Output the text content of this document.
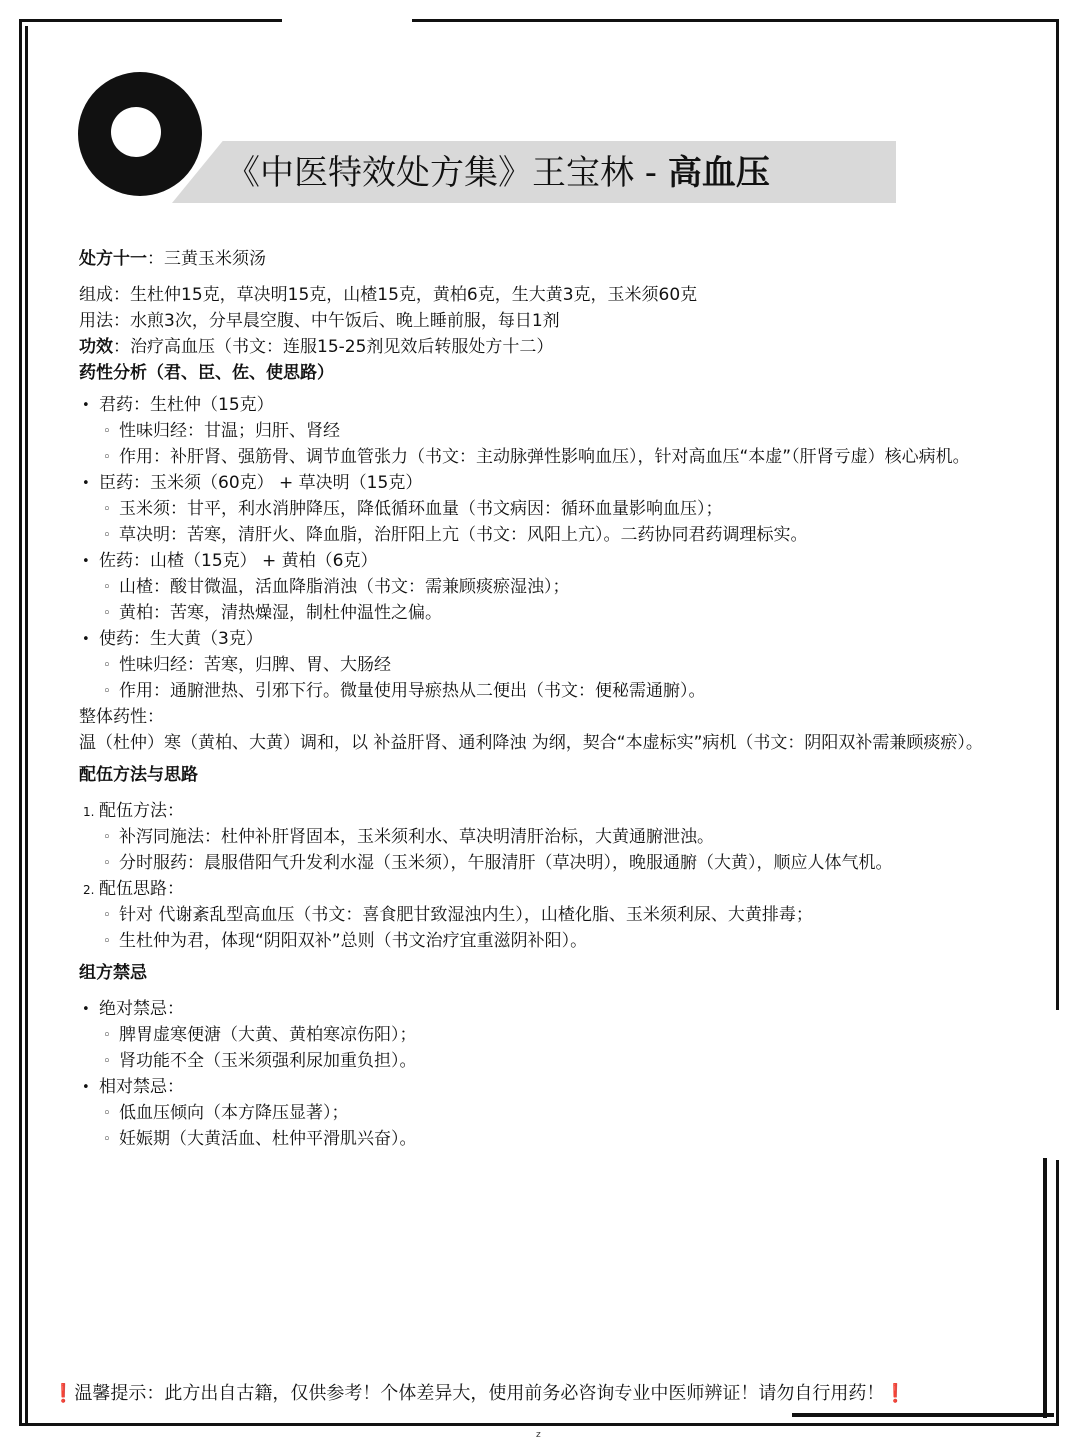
《中医特效处方集》王宝林 - 高血压
处方十一：三黄玉米须汤
组成：生杜仲15克，草决明15克，山楂15克，黄柏6克，生大黄3克，玉米须60克
用法：水煎3次，分早晨空腹、中午饭后、晚上睡前服，每日1剂
功效：治疗高血压（书文：连服15-25剂见效后转服处方十二）
药性分析（君、臣、佐、使思路）
• 君药：生杜仲（15克）
◦ 性味归经：甘温；归肝、肾经
◦ 作用：补肝肾、强筋骨、调节血管张力（书文：主动脉弹性影响血压），针对高血压“本虚”（肝肾亏虚）核心病机。
• 臣药：玉米须（60克） + 草决明（15克）
◦ 玉米须：甘平，利水消肿降压，降低循环血量（书文病因：循环血量影响血压）；
◦ 草决明：苦寒，清肝火、降血脂，治肝阳上亢（书文：风阳上亢）。二药协同君药调理标实。
• 佐药：山楂（15克） + 黄柏（6克）
◦ 山楂：酸甘微温，活血降脂消浊（书文：需兼顾痰瘀湿浊）；
◦ 黄柏：苦寒，清热燥湿，制杜仲温性之偏。
• 使药：生大黄（3克）
◦ 性味归经：苦寒，归脾、胃、大肠经
◦ 作用：通腑泄热、引邪下行。微量使用导瘀热从二便出（书文：便秘需通腑）。
整体药性：
温（杜仲）寒（黄柏、大黄）调和，以 补益肝肾、通利降浊 为纲，契合“本虚标实”病机（书文：阴阳双补需兼顾痰瘀）。
配伍方法与思路
1. 配伍方法：
◦ 补泻同施法：杜仲补肝肾固本，玉米须利水、草决明清肝治标，大黄通腑泄浊。
◦ 分时服药：晨服借阳气升发利水湿（玉米须），午服清肝（草决明），晚服通腑（大黄），顺应人体气机。
2. 配伍思路：
◦ 针对 代谢紊乱型高血压（书文：喜食肥甘致湿浊内生），山楂化脂、玉米须利尿、大黄排毒；
◦ 生杜仲为君，体现“阴阳双补”总则（书文治疗宜重滋阴补阳）。
组方禁忌
• 绝对禁忌：
◦ 脾胃虚寒便溏（大黄、黄柏寒凉伤阳）；
◦ 肾功能不全（玉米须强利尿加重负担）。
• 相对禁忌：
◦ 低血压倾向（本方降压显著）；
◦ 妊娠期（大黄活血、杜仲平滑肌兴奋）。
❗温馨提示：此方出自古籍，仅供参考！个体差异大，使用前务必咨询专业中医师辨证！请勿自行用药！❗
z
